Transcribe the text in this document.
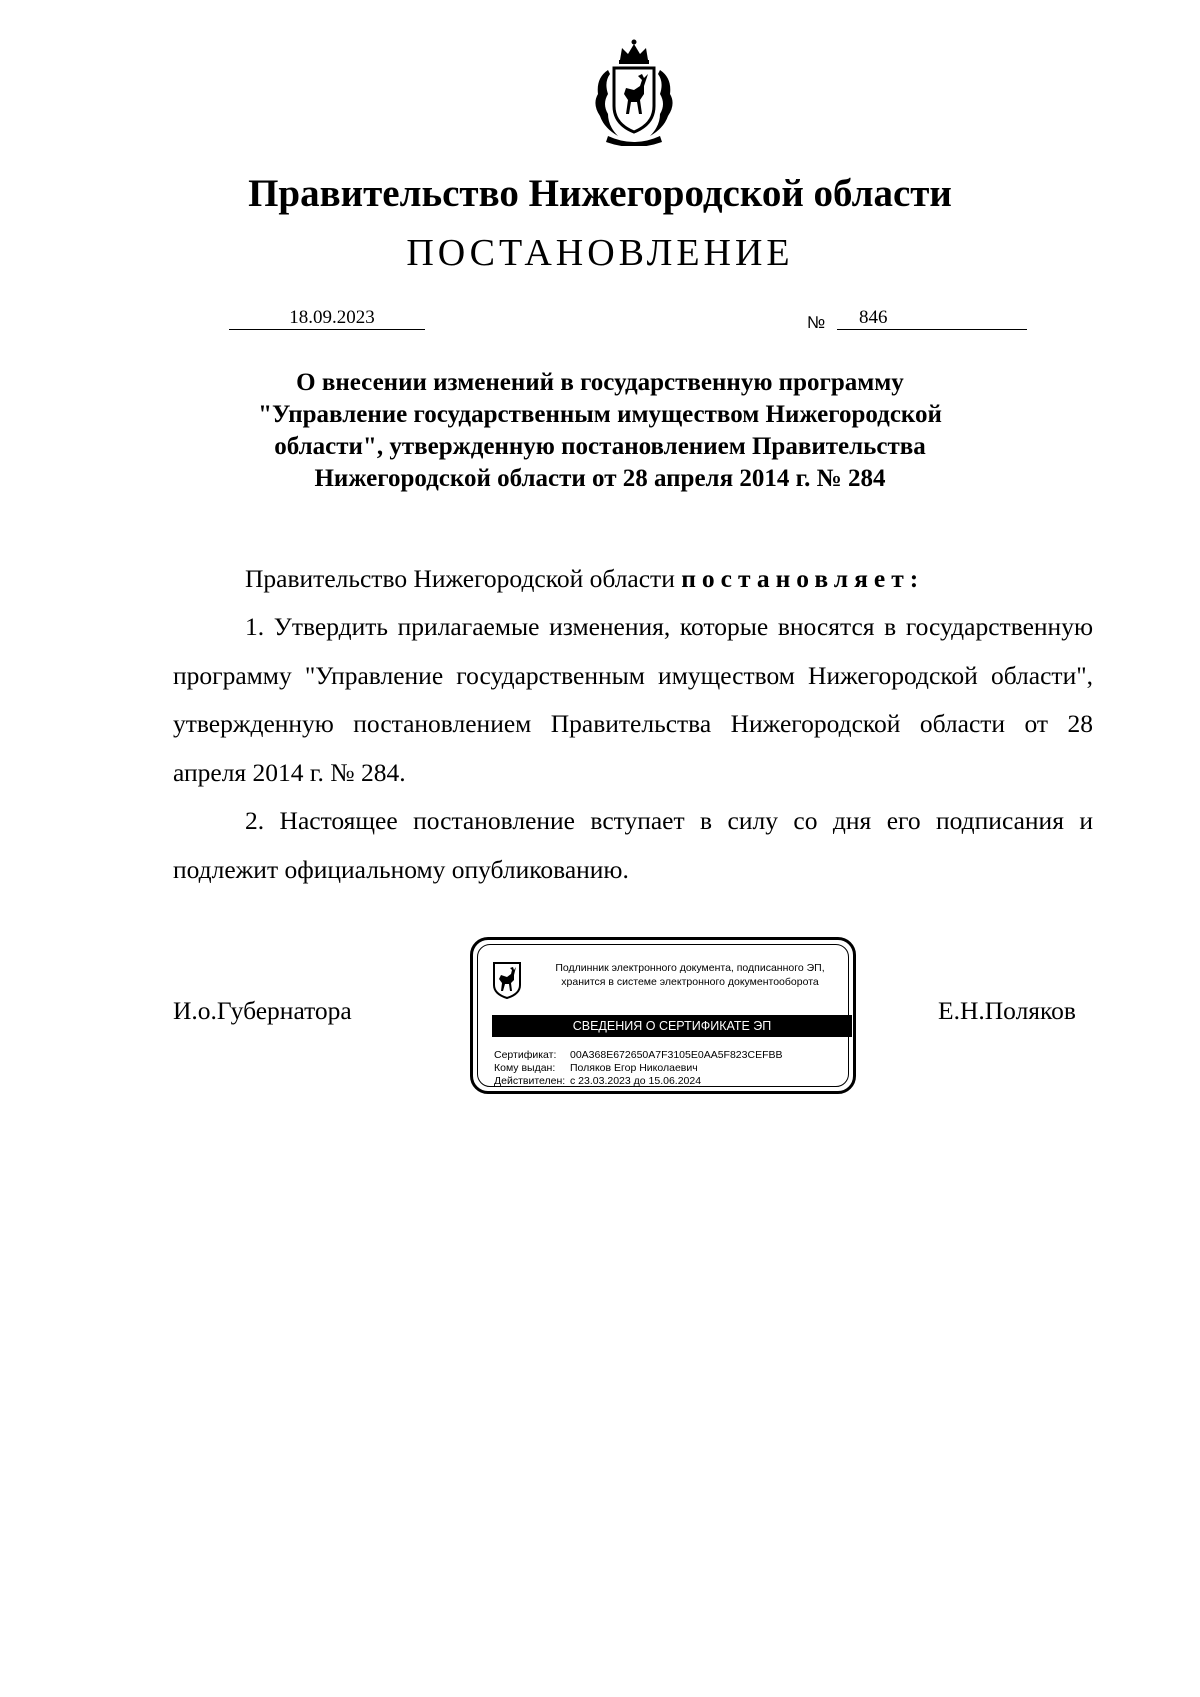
Правительство Нижегородской области
ПОСТАНОВЛЕНИЕ
18.09.2023	№	846
О внесении изменений в государственную программу
"Управление государственным имуществом Нижегородской
области", утвержденную постановлением Правительства
Нижегородской области от 28 апреля 2014 г. № 284
Правительство Нижегородской области постановляет:
1. Утвердить прилагаемые изменения, которые вносятся в государственную программу "Управление государственным имуществом Нижегородской области", утвержденную постановлением Правительства Нижегородской области от 28 апреля 2014 г. № 284.
2. Настоящее постановление вступает в силу со дня его подписания и подлежит официальному опубликованию.
И.о.Губернатора	Е.Н.Поляков
Подлинник электронного документа, подписанного ЭП,
хранится в системе электронного документооборота
СВЕДЕНИЯ О СЕРТИФИКАТЕ ЭП
Сертификат: 00A368E672650A7F3105E0AA5F823CEFBB
Кому выдан: Поляков Егор Николаевич
Действителен: с 23.03.2023 до 15.06.2024
